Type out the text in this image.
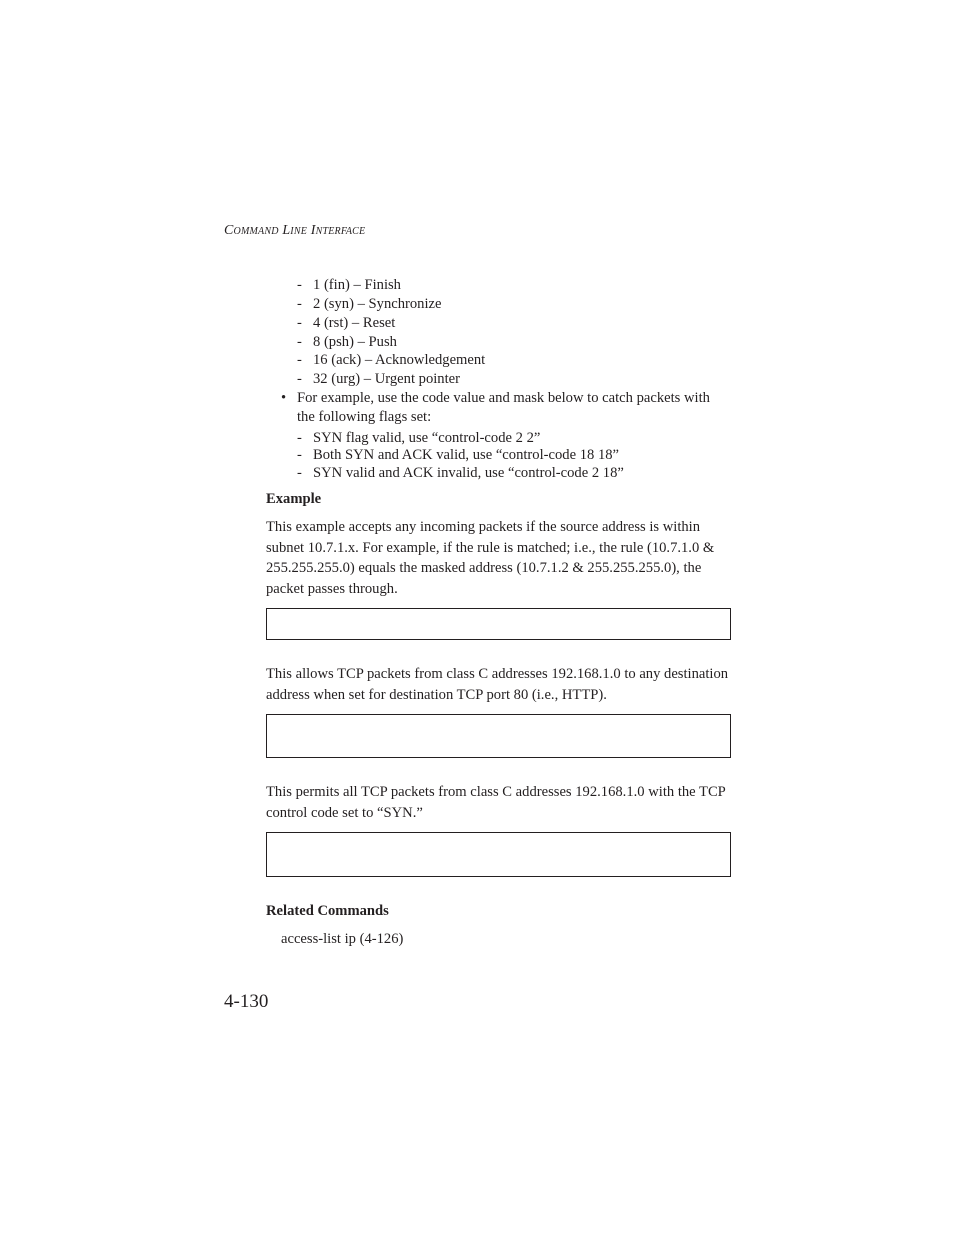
Command Line Interface
- 1 (fin) – Finish
- 2 (syn) – Synchronize
- 4 (rst) – Reset
- 8 (psh) – Push
- 16 (ack) – Acknowledgement
- 32 (urg) – Urgent pointer
• For example, use the code value and mask below to catch packets with the following flags set:
- SYN flag valid, use “control-code 2 2”
- Both SYN and ACK valid, use “control-code 18 18”
- SYN valid and ACK invalid, use “control-code 2 18”
Example
This example accepts any incoming packets if the source address is within subnet 10.7.1.x. For example, if the rule is matched; i.e., the rule (10.7.1.0 & 255.255.255.0) equals the masked address (10.7.1.2 & 255.255.255.0), the packet passes through.
This allows TCP packets from class C addresses 192.168.1.0 to any destination address when set for destination TCP port 80 (i.e., HTTP).
This permits all TCP packets from class C addresses 192.168.1.0 with the TCP control code set to “SYN.”
Related Commands
access-list ip (4-126)
4-130
